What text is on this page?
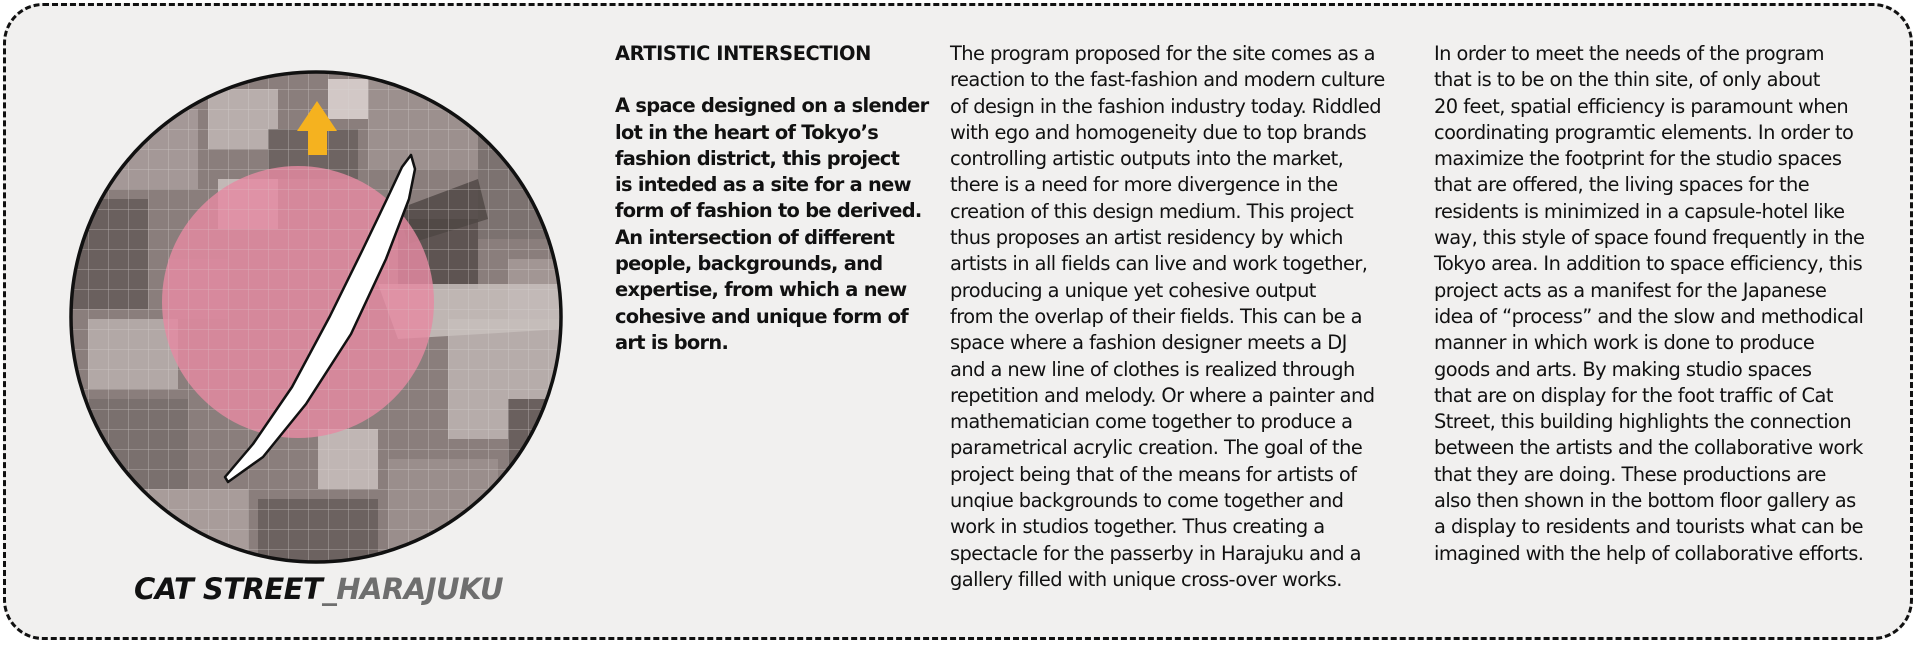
CAT STREET_HARAJUKU

ARTISTIC INTERSECTION

A space designed on a slender

lot in the heart of Tokyo’s

fashion district, this project

is inteded as a site for a new

form of fashion to be derived.

An intersection of different

people, backgrounds, and

expertise, from which a new

cohesive and unique form of

art is born.

The program proposed for the site comes as a

reaction to the fast-fashion and modern culture

of design in the fashion industry today. Riddled

with ego and homogeneity due to top brands

controlling artistic outputs into the market,

there is a need for more divergence in the

creation of this design medium. This project

thus proposes an artist residency by which

artists in all fields can live and work together,

producing a unique yet cohesive output

from the overlap of their fields. This can be a

space where a fashion designer meets a DJ

and a new line of clothes is realized through

repetition and melody. Or where a painter and

mathematician come together to produce a

parametrical acrylic creation. The goal of the

project being that of the means for artists of

unqiue backgrounds to come together and

work in studios together. Thus creating a

spectacle for the passerby in Harajuku and a

gallery filled with unique cross-over works.

In order to meet the needs of the program

that is to be on the thin site, of only about

20 feet, spatial efficiency is paramount when

coordinating programtic elements. In order to

maximize the footprint for the studio spaces

that are offered, the living spaces for the

residents is minimized in a capsule-hotel like

way, this style of space found frequently in the

Tokyo area. In addition to space efficiency, this

project acts as a manifest for the Japanese

idea of “process” and the slow and methodical

manner in which work is done to produce

goods and arts. By making studio spaces

that are on display for the foot traffic of Cat

Street, this building highlights the connection

between the artists and the collaborative work

that they are doing. These productions are

also then shown in the bottom floor gallery as

a display to residents and tourists what can be

imagined with the help of collaborative efforts.
